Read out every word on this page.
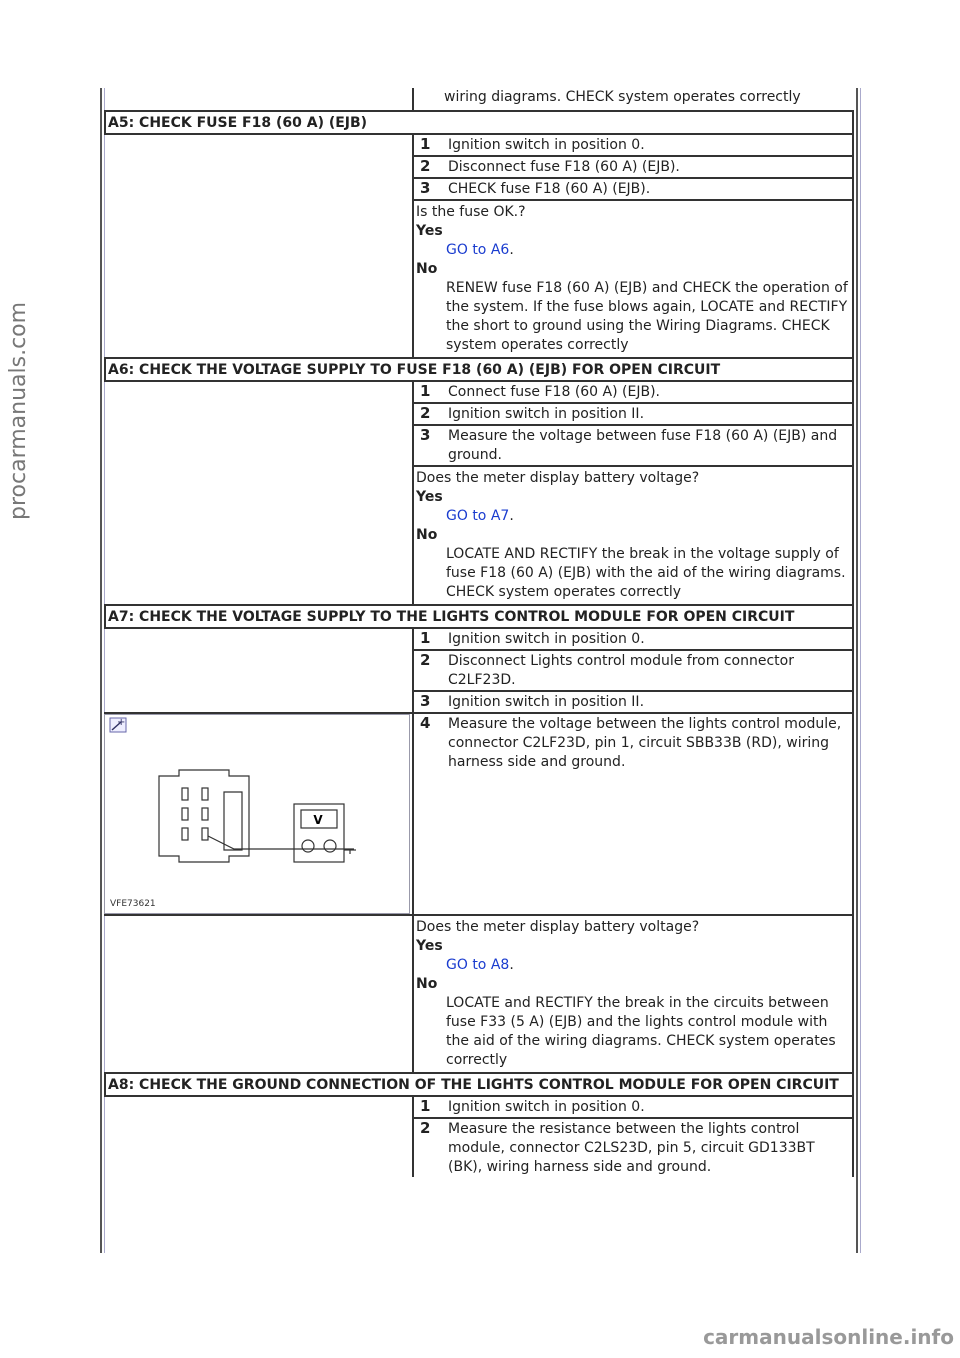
procarmanuals.com
carmanualsonline.info
wiring diagrams. CHECK system operates correctly
A5: CHECK FUSE F18 (60 A) (EJB)
1 Ignition switch in position 0.
2 Disconnect fuse F18 (60 A) (EJB).
3 CHECK fuse F18 (60 A) (EJB).
Is the fuse OK.?
Yes
GO to A6.
No
RENEW fuse F18 (60 A) (EJB) and CHECK the operation of the system. If the fuse blows again, LOCATE and RECTIFY the short to ground using the Wiring Diagrams. CHECK system operates correctly
A6: CHECK THE VOLTAGE SUPPLY TO FUSE F18 (60 A) (EJB) FOR OPEN CIRCUIT
1 Connect fuse F18 (60 A) (EJB).
2 Ignition switch in position II.
3 Measure the voltage between fuse F18 (60 A) (EJB) and ground.
Does the meter display battery voltage?
Yes
GO to A7.
No
LOCATE AND RECTIFY the break in the voltage supply of fuse F18 (60 A) (EJB) with the aid of the wiring diagrams. CHECK system operates correctly
A7: CHECK THE VOLTAGE SUPPLY TO THE LIGHTS CONTROL MODULE FOR OPEN CIRCUIT
1 Ignition switch in position 0.
2 Disconnect Lights control module from connector C2LF23D.
3 Ignition switch in position II.
+
V
VFE73621
4 Measure the voltage between the lights control module, connector C2LF23D, pin 1, circuit SBB33B (RD), wiring harness side and ground.
Does the meter display battery voltage?
Yes
GO to A8.
No
LOCATE and RECTIFY the break in the circuits between fuse F33 (5 A) (EJB) and the lights control module with the aid of the wiring diagrams. CHECK system operates correctly
A8: CHECK THE GROUND CONNECTION OF THE LIGHTS CONTROL MODULE FOR OPEN CIRCUIT
1 Ignition switch in position 0.
2 Measure the resistance between the lights control module, connector C2LS23D, pin 5, circuit GD133BT (BK), wiring harness side and ground.
